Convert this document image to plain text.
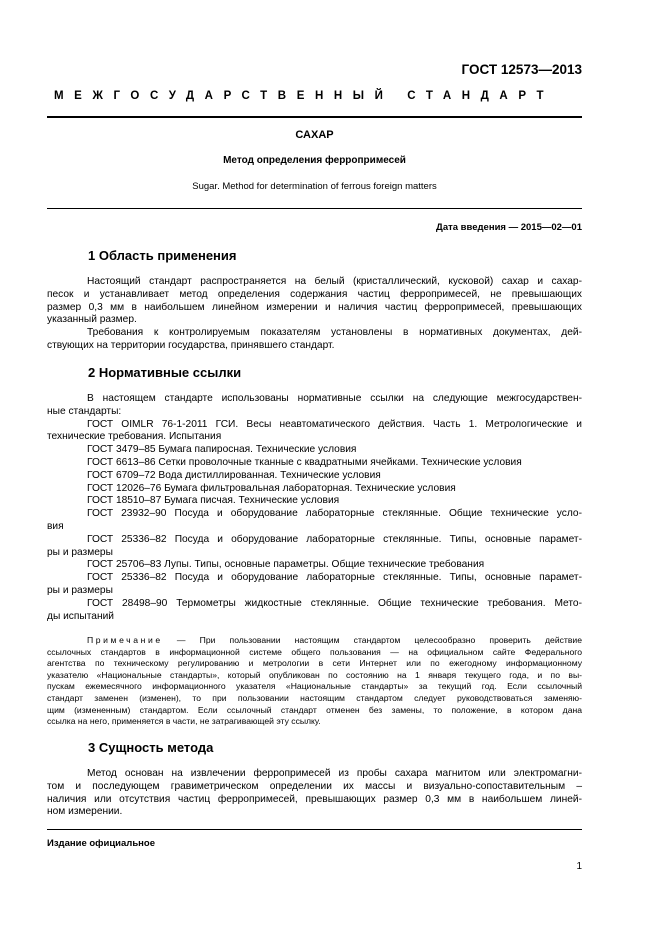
ГОСТ 12573—2013
МЕЖГОСУДАРСТВЕННЫЙ СТАНДАРТ
САХАР
Метод определения ферропримесей
Sugar. Method for determination of ferrous foreign matters
Дата введения — 2015—02—01
1 Область применения
Настоящий стандарт распространяется на белый (кристаллический, кусковой) сахар и сахар-
песок и устанавливает метод определения содержания частиц ферропримесей, не превышающих
размер 0,3 мм в наибольшем линейном измерении и наличия частиц ферропримесей, превышающих
указанный размер.
Требования к контролируемым показателям установлены в нормативных документах, дей-
ствующих на территории государства, принявшего стандарт.
2 Нормативные ссылки
В настоящем стандарте использованы нормативные ссылки на следующие межгосударствен-
ные стандарты:
ГОСТ OIMLR 76-1-2011 ГСИ. Весы неавтоматического действия. Часть 1. Метрологические и
технические требования. Испытания
ГОСТ 3479–85 Бумага папиросная. Технические условия
ГОСТ 6613–86 Сетки проволочные тканные с квадратными ячейками. Технические условия
ГОСТ 6709–72 Вода дистиллированная. Технические условия
ГОСТ 12026–76 Бумага фильтровальная лабораторная. Технические условия
ГОСТ 18510–87 Бумага писчая. Технические условия
ГОСТ 23932–90 Посуда и оборудование лабораторные стеклянные. Общие технические усло-
вия
ГОСТ 25336–82 Посуда и оборудование лабораторные стеклянные. Типы, основные парамет-
ры и размеры
ГОСТ 25706–83 Лупы. Типы, основные параметры. Общие технические требования
ГОСТ 25336–82 Посуда и оборудование лабораторные стеклянные. Типы, основные парамет-
ры и размеры
ГОСТ 28498–90 Термометры жидкостные стеклянные. Общие технические требования. Мето-
ды испытаний
Примечание — При пользовании настоящим стандартом целесообразно проверить действие
ссылочных стандартов в информационной системе общего пользования — на официальном сайте Федерального
агентства по техническому регулированию и метрологии в сети Интернет или по ежегодному информационному
указателю «Национальные стандарты», который опубликован по состоянию на 1 января текущего года, и по вы-
пускам ежемесячного информационного указателя «Национальные стандарты» за текущий год. Если ссылочный
стандарт заменен (изменен), то при пользовании настоящим стандартом следует руководствоваться заменяю-
щим (измененным) стандартом. Если ссылочный стандарт отменен без замены, то положение, в котором дана
ссылка на него, применяется в части, не затрагивающей эту ссылку.
3 Сущность метода
Метод основан на извлечении ферропримесей из пробы сахара магнитом или электромагни-
том и последующем гравиметрическом определении их массы и визуально-сопоставительным –
наличия или отсутствия частиц ферропримесей, превышающих размер 0,3 мм в наибольшем линей-
ном измерении.
Издание официальное
1
